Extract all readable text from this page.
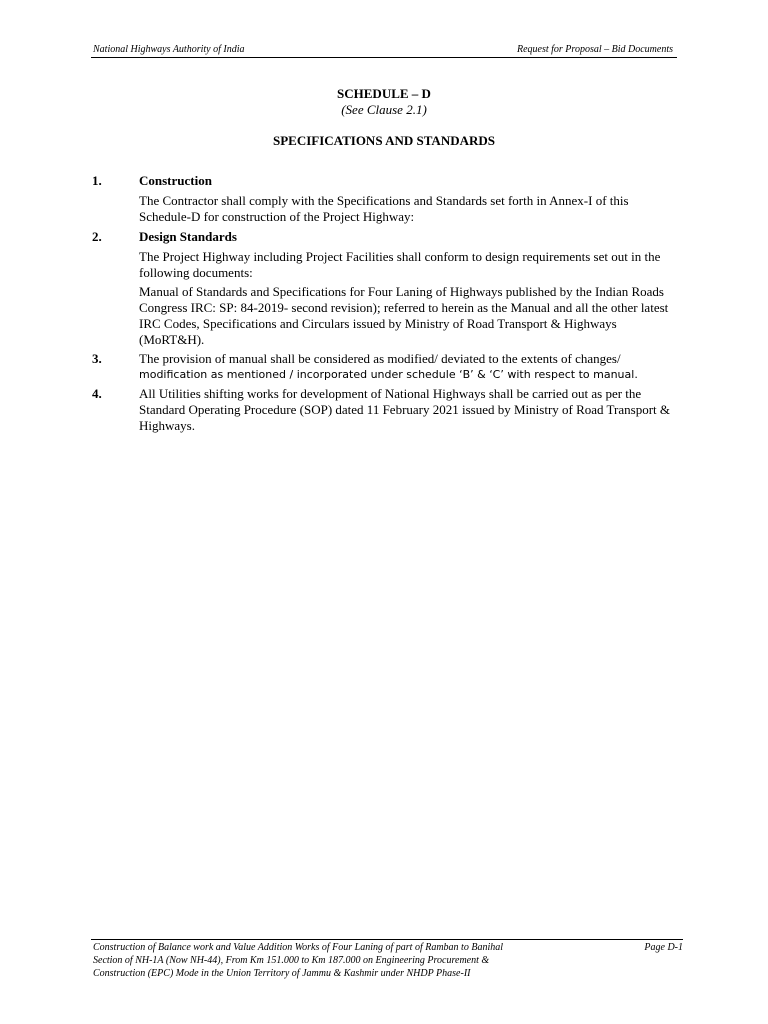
National Highways Authority of India	Request for Proposal – Bid Documents
SCHEDULE – D
(See Clause 2.1)
SPECIFICATIONS AND STANDARDS
1.	Construction

The Contractor shall comply with the Specifications and Standards set forth in Annex-I of this Schedule-D for construction of the Project Highway:

2.	Design Standards

The Project Highway including Project Facilities shall conform to design requirements set out in the following documents:

Manual of Standards and Specifications for Four Laning of Highways published by the Indian Roads Congress IRC: SP: 84-2019- second revision); referred to herein as the Manual and all the other latest IRC Codes, Specifications and Circulars issued by Ministry of Road Transport & Highways (MoRT&H).

3.	The provision of manual shall be considered as modified/ deviated to the extents of changes/
modification as mentioned / incorporated under schedule ‘B’ & ‘C’ with respect to manual.

4.	All Utilities shifting works for development of National Highways shall be carried out as per the Standard Operating Procedure (SOP) dated 11 February 2021 issued by Ministry of Road Transport & Highways.

Construction of Balance work and Value Addition Works of Four Laning of part of Ramban to Banihal
Section of NH-1A (Now NH-44), From Km 151.000 to Km 187.000 on Engineering Procurement &
Construction (EPC) Mode in the Union Territory of Jammu & Kashmir under NHDP Phase-II
Page D-1
